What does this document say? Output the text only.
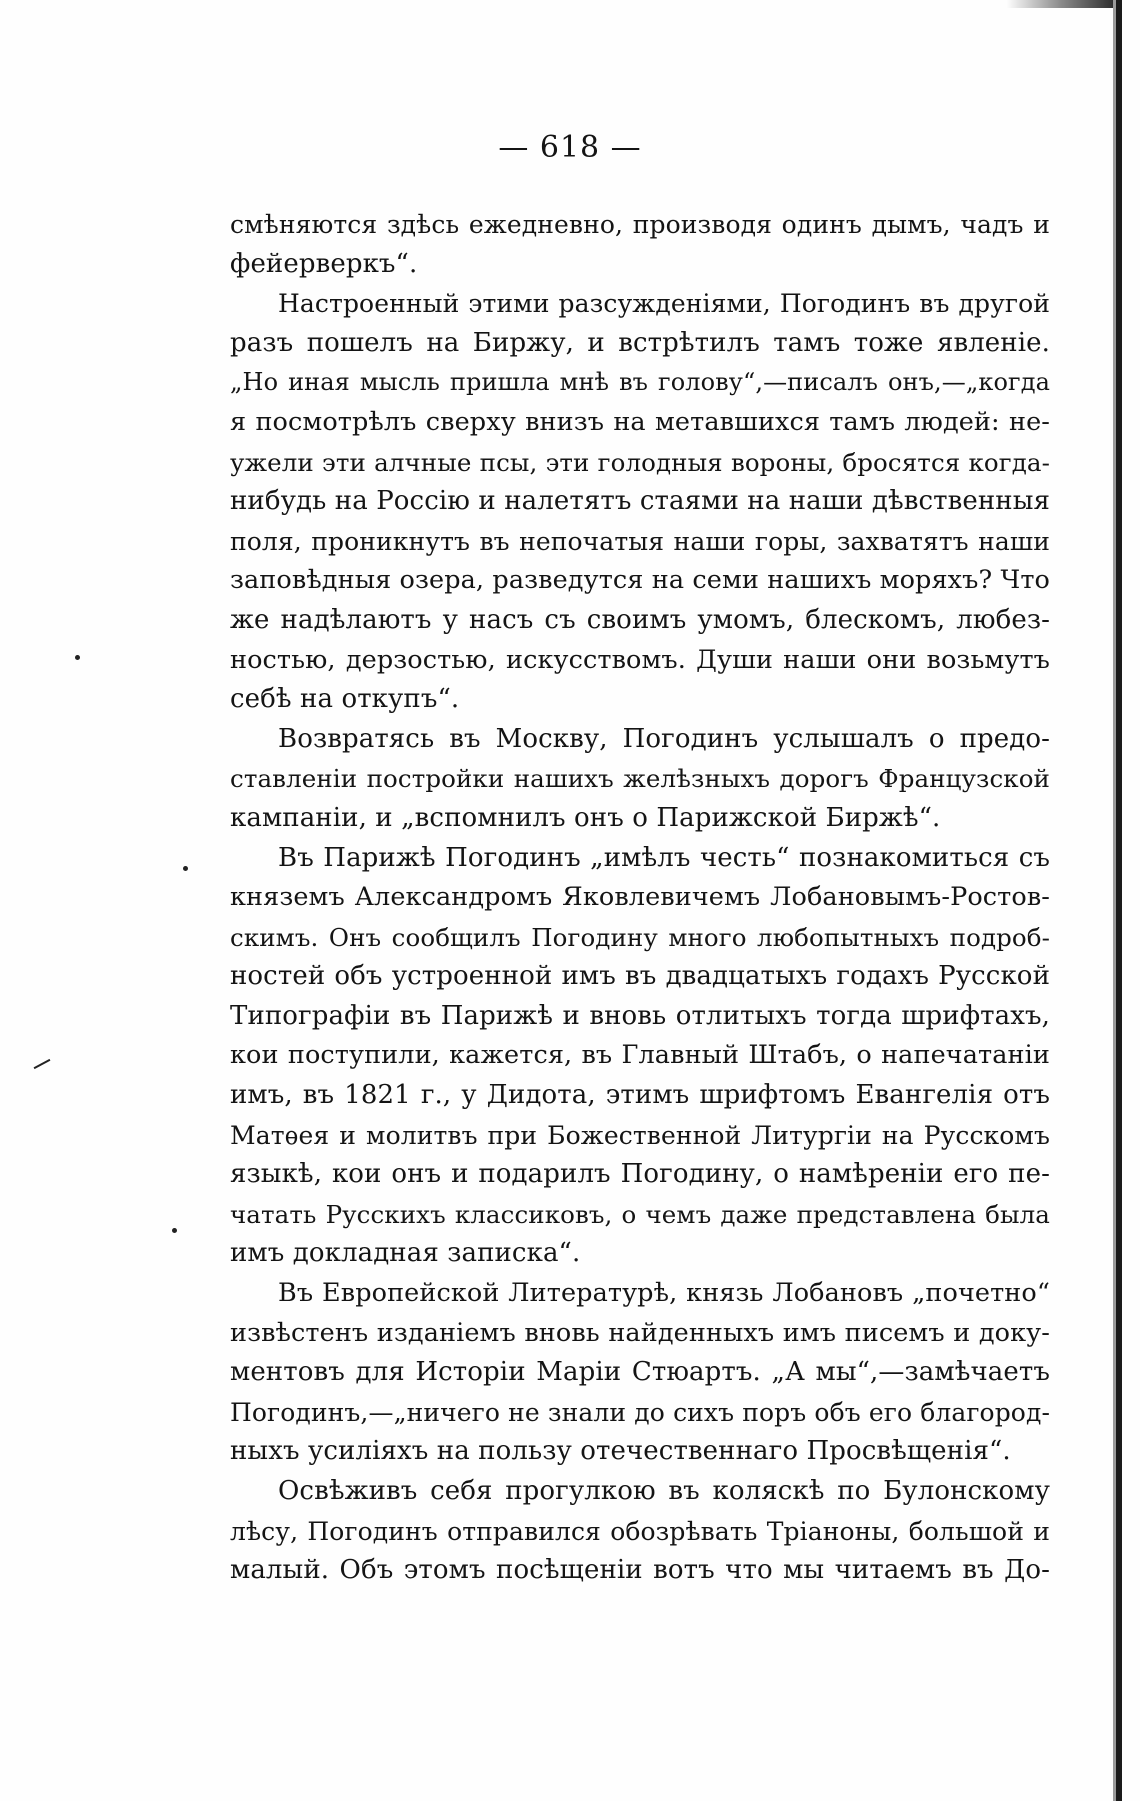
— 618 —
смѣняются здѣсь ежедневно, производя одинъ дымъ, чадъ и
фейерверкъ“.
Настроенный этими разсужденіями, Погодинъ въ другой
разъ пошелъ на Биржу, и встрѣтилъ тамъ тоже явленіе.
„Но иная мысль пришла мнѣ въ голову“,—писалъ онъ,—„когда
я посмотрѣлъ сверху внизъ на метавшихся тамъ людей: не-
ужели эти алчные псы, эти голодныя вороны, бросятся когда-
нибудь на Россію и налетятъ стаями на наши дѣвственныя
поля, проникнутъ въ непочатыя наши горы, захватятъ наши
заповѣдныя озера, разведутся на семи нашихъ моряхъ? Что
же надѣлаютъ у насъ съ своимъ умомъ, блескомъ, любез-
ностью, дерзостью, искусствомъ. Души наши они возьмутъ
себѣ на откупъ“.
Возвратясь въ Москву, Погодинъ услышалъ о предо-
ставленіи постройки нашихъ желѣзныхъ дорогъ Французской
кампаніи, и „вспомнилъ онъ о Парижской Биржѣ“.
Въ Парижѣ Погодинъ „имѣлъ честь“ познакомиться съ
княземъ Александромъ Яковлевичемъ Лобановымъ-Ростов-
скимъ. Онъ сообщилъ Погодину много любопытныхъ подроб-
ностей объ устроенной имъ въ двадцатыхъ годахъ Русской
Типографіи въ Парижѣ и вновь отлитыхъ тогда шрифтахъ,
кои поступили, кажется, въ Главный Штабъ, о напечатаніи
имъ, въ 1821 г., у Дидота, этимъ шрифтомъ Евангелія отъ
Матѳея и молитвъ при Божественной Литургіи на Русскомъ
языкѣ, кои онъ и подарилъ Погодину, о намѣреніи его пе-
чатать Русскихъ классиковъ, о чемъ даже представлена была
имъ докладная записка“.
Въ Европейской Литературѣ, князь Лобановъ „почетно“
извѣстенъ изданіемъ вновь найденныхъ имъ писемъ и доку-
ментовъ для Исторіи Маріи Стюартъ. „А мы“,—замѣчаетъ
Погодинъ,—„ничего не знали до сихъ поръ объ его благород-
ныхъ усиліяхъ на пользу отечественнаго Просвѣщенія“.
Освѣживъ себя прогулкою въ коляскѣ по Булонскому
лѣсу, Погодинъ отправился обозрѣвать Тріаноны, большой и
малый. Объ этомъ посѣщеніи вотъ что мы читаемъ въ До-
